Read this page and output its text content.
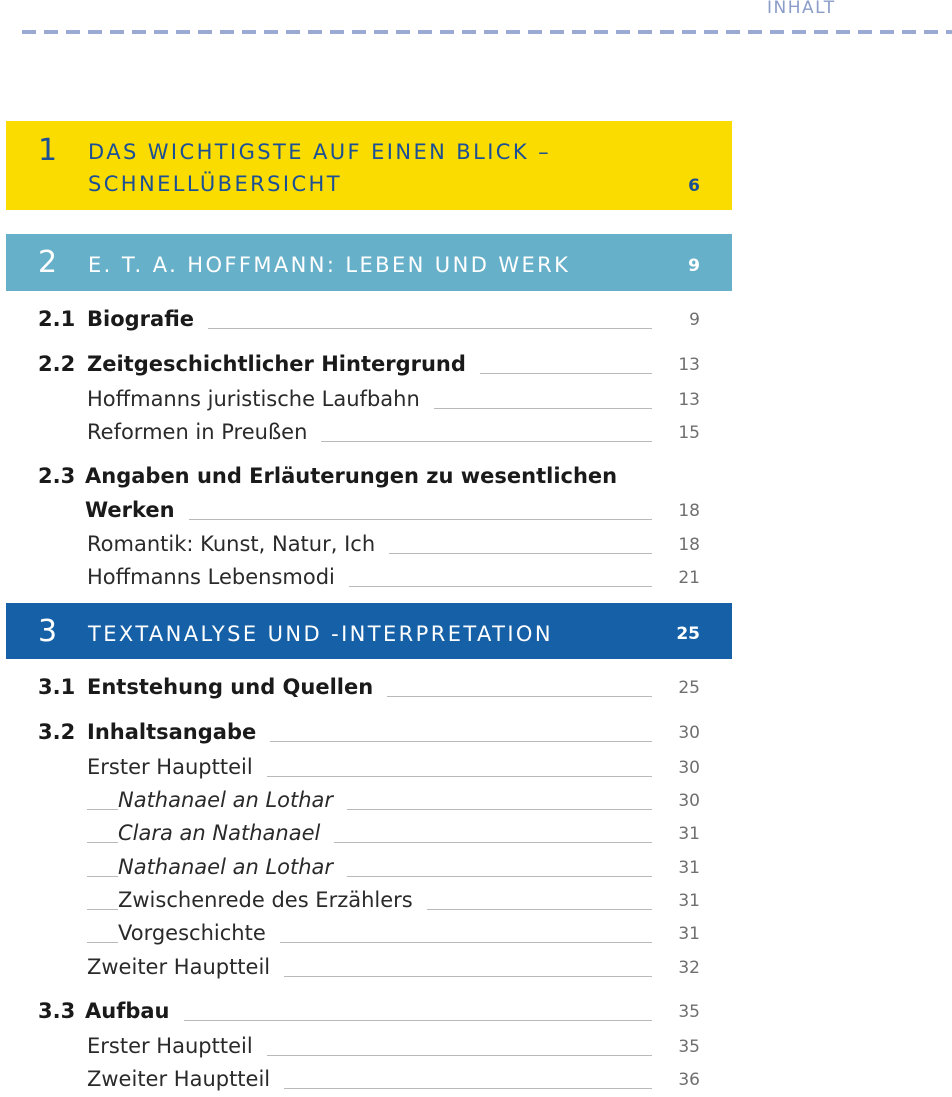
INHALT
1 DAS WICHTIGSTE AUF EINEN BLICK –
SCHNELLÜBERSICHT	6
2 E. T. A. HOFFMANN: LEBEN UND WERK	9
2.1 Biografie	9
2.2 Zeitgeschichtlicher Hintergrund	13
Hoffmanns juristische Laufbahn	13
Reformen in Preußen	15
2.3 Angaben und Erläuterungen zu wesentlichen
Werken	18
Romantik: Kunst, Natur, Ich	18
Hoffmanns Lebensmodi	21
3 TEXTANALYSE UND -INTERPRETATION	25
3.1 Entstehung und Quellen	25
3.2 Inhaltsangabe	30
Erster Hauptteil	30
Nathanael an Lothar	30
Clara an Nathanael	31
Nathanael an Lothar	31
Zwischenrede des Erzählers	31
Vorgeschichte	31
Zweiter Hauptteil	32
3.3 Aufbau	35
Erster Hauptteil	35
Zweiter Hauptteil	36
